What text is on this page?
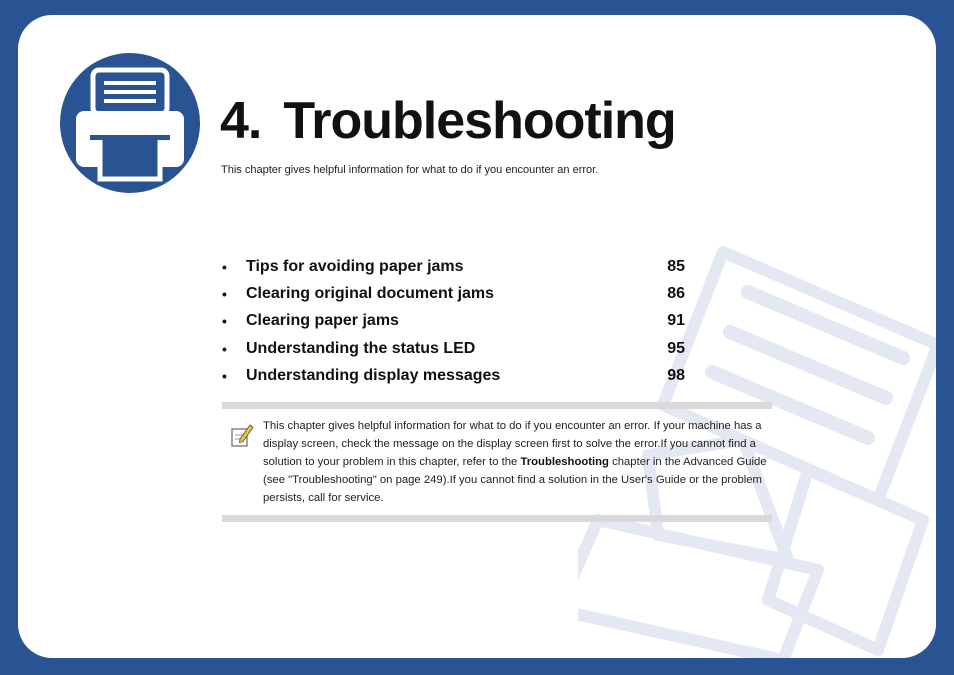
4. Troubleshooting

This chapter gives helpful information for what to do if you encounter an error.

•	Tips for avoiding paper jams	85
•	Clearing original document jams	86
•	Clearing paper jams	91
•	Understanding the status LED	95
•	Understanding display messages	98

This chapter gives helpful information for what to do if you encounter an error. If your machine has a display screen, check the message on the display screen first to solve the error.If you cannot find a solution to your problem in this chapter, refer to the Troubleshooting chapter in the Advanced Guide (see "Troubleshooting" on page 249).If you cannot find a solution in the User's Guide or the problem persists, call for service.
